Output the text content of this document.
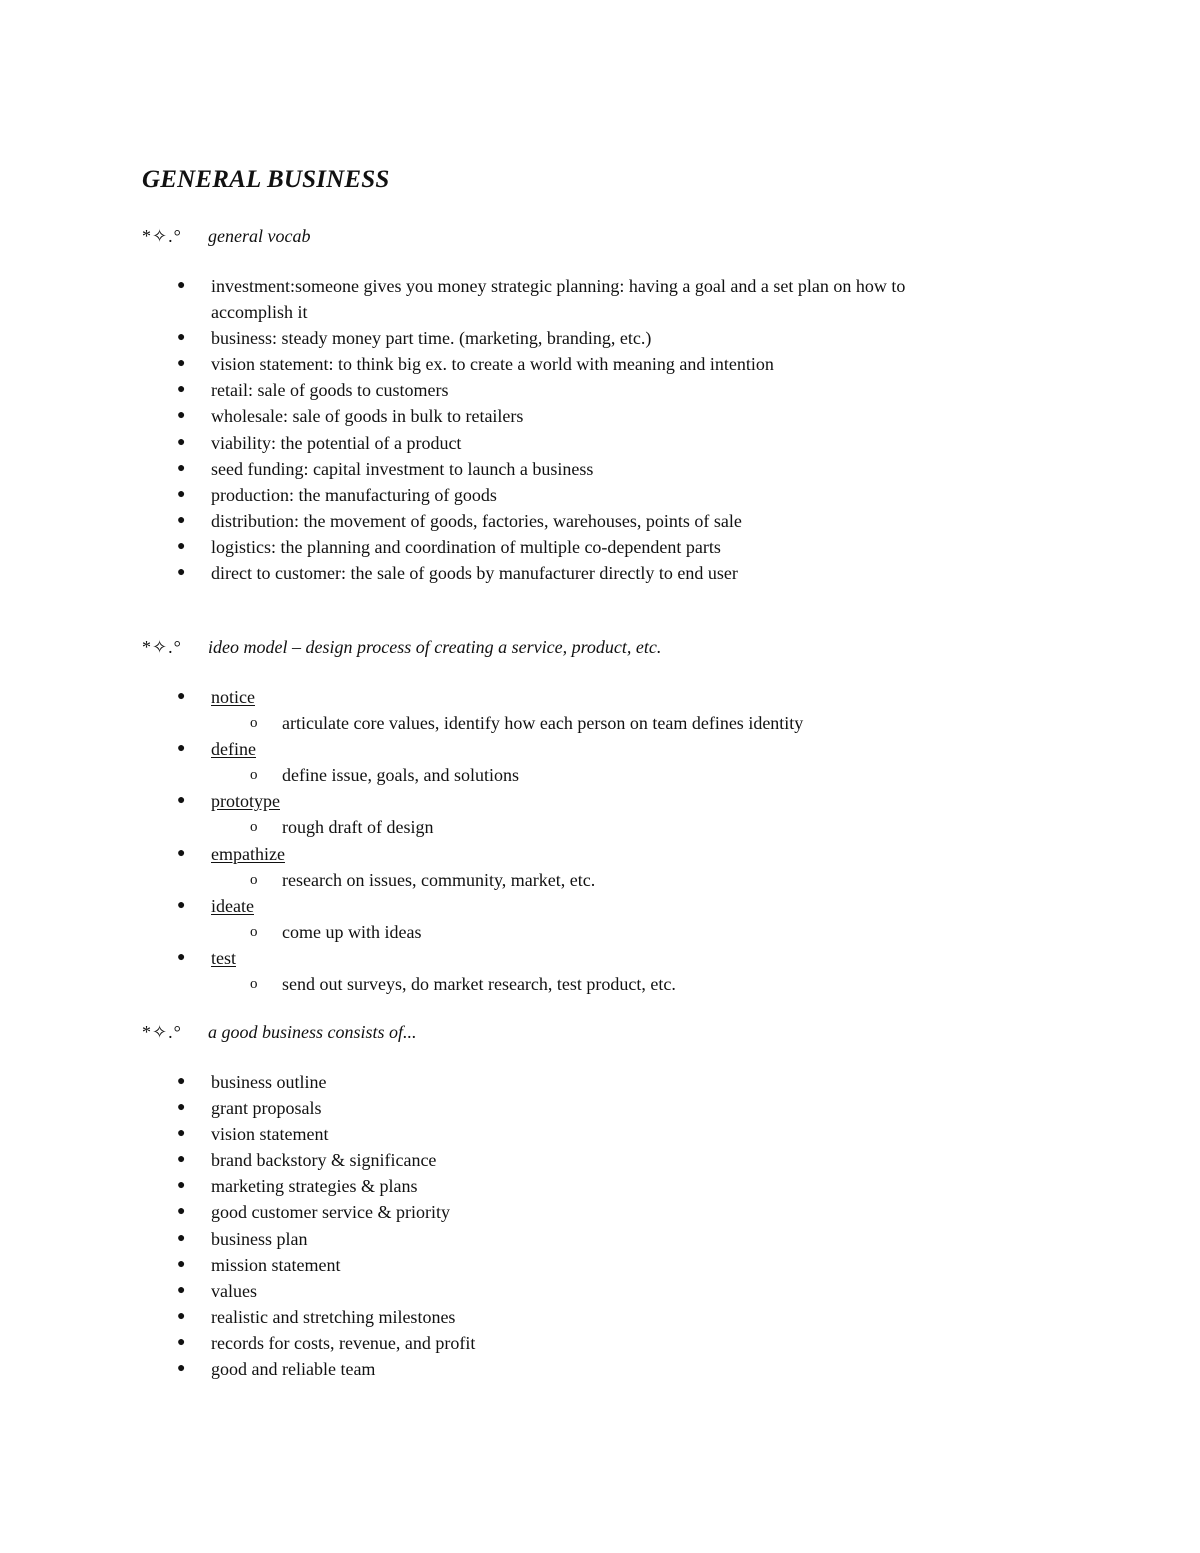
GENERAL BUSINESS
*✧.°	general vocab
● investment:someone gives you money strategic planning: having a goal and a set plan on how to accomplish it
● business: steady money part time. (marketing, branding, etc.)
● vision statement: to think big ex. to create a world with meaning and intention
● retail: sale of goods to customers
● wholesale: sale of goods in bulk to retailers
● viability: the potential of a product
● seed funding: capital investment to launch a business
● production: the manufacturing of goods
● distribution: the movement of goods, factories, warehouses, points of sale
● logistics: the planning and coordination of multiple co-dependent parts
● direct to customer: the sale of goods by manufacturer directly to end user
*✧.°	ideo model – design process of creating a service, product, etc.
● notice
o articulate core values, identify how each person on team defines identity
● define
o define issue, goals, and solutions
● prototype
o rough draft of design
● empathize
o research on issues, community, market, etc.
● ideate
o come up with ideas
● test
o send out surveys, do market research, test product, etc.
*✧.°	a good business consists of...
● business outline
● grant proposals
● vision statement
● brand backstory & significance
● marketing strategies & plans
● good customer service & priority
● business plan
● mission statement
● values
● realistic and stretching milestones
● records for costs, revenue, and profit
● good and reliable team
